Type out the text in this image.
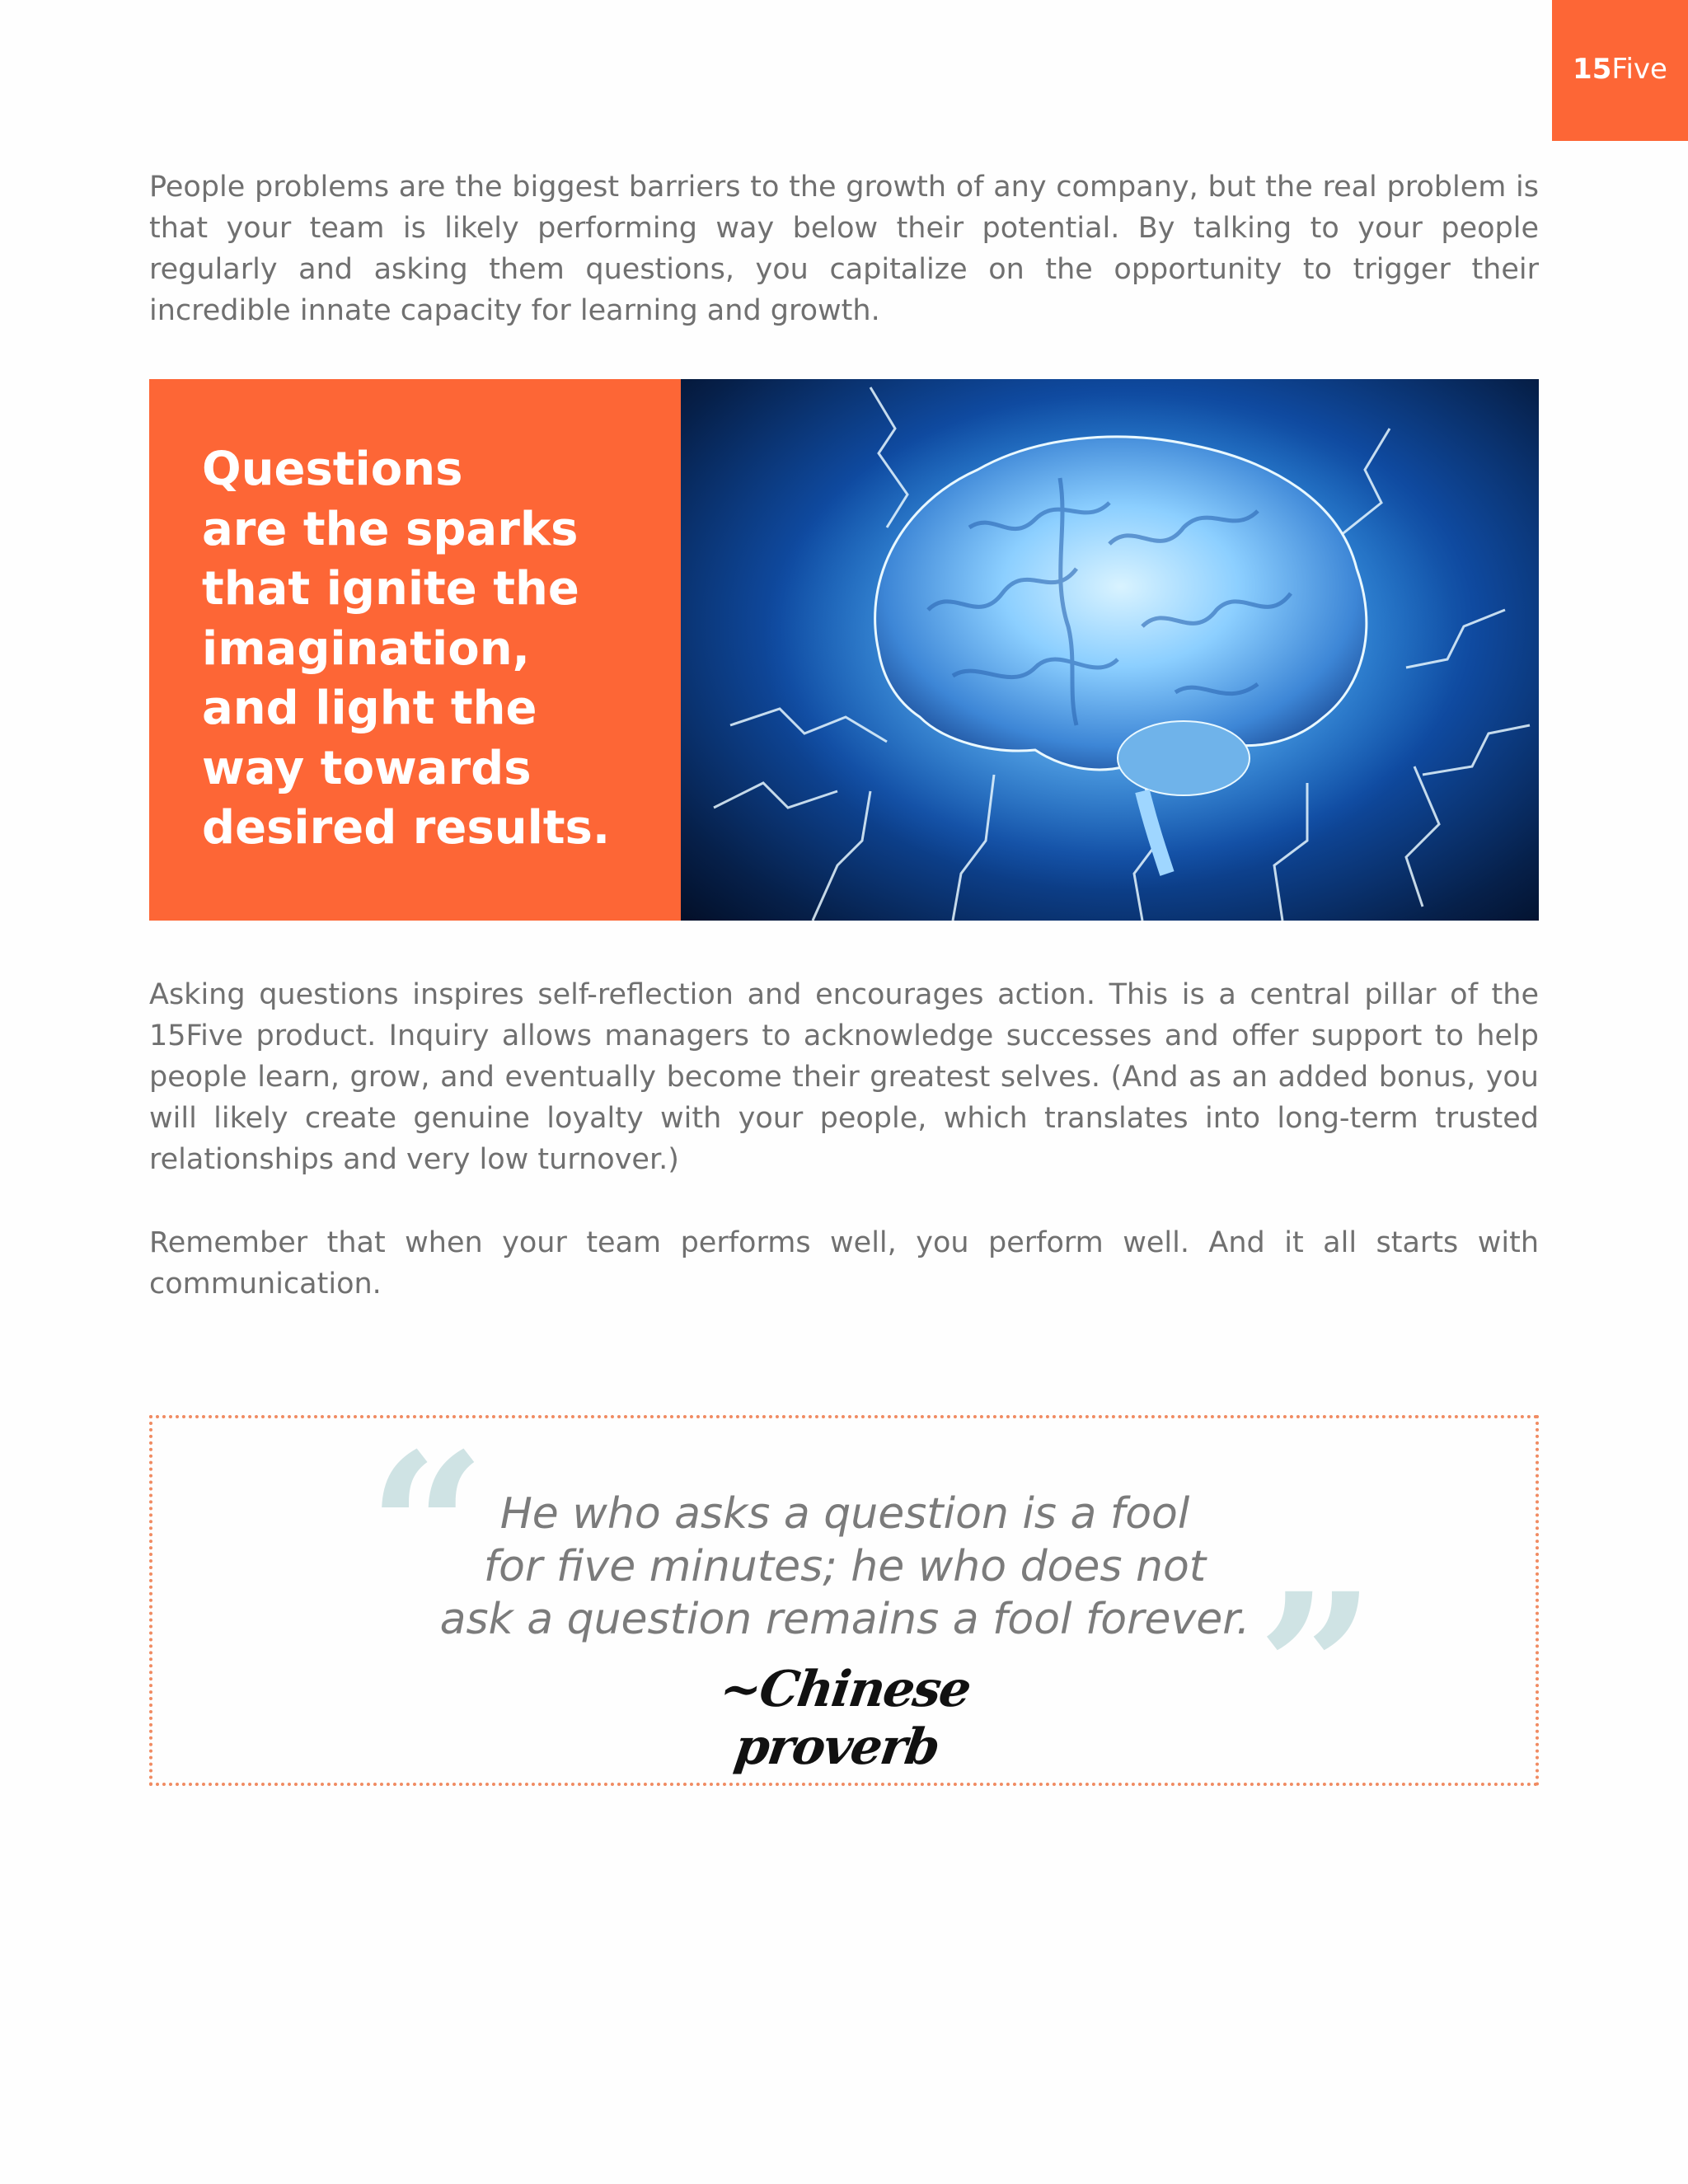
15 Five

People problems are the biggest barriers to the growth of any company, but the real problem is that your team is likely performing way below their potential. By talking to your people regularly and asking them questions, you capitalize on the opportunity to trigger their incredible innate capacity for learning and growth.

Questions
are the sparks
that ignite the
imagination,
and light the
way towards
desired results.

Asking questions inspires self-reflection and encourages action. This is a central pillar of the 15Five product. Inquiry allows managers to acknowledge successes and offer support to help people learn, grow, and eventually become their greatest selves. (And as an added bonus, you will likely create genuine loyalty with your people, which translates into long-term trusted relationships and very low turnover.)

Remember that when your team performs well, you perform well. And it all starts with communication.

“
”

He who asks a question is a fool
for five minutes; he who does not
ask a question remains a fool forever.

~Chinese proverb
